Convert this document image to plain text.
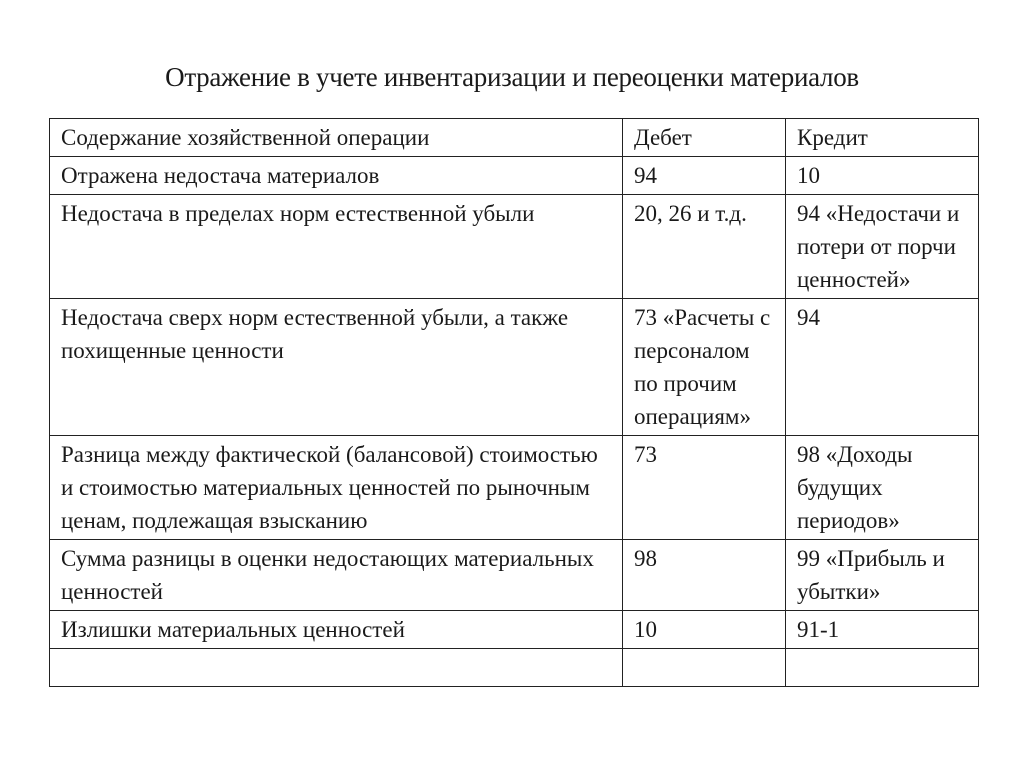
Отражение в учете инвентаризации и переоценки материалов
Содержание хозяйственной операции	Дебет	Кредит
Отражена недостача материалов	94	10
Недостача в пределах норм естественной убыли	20, 26 и т.д.	94 «Недостачи и потери от порчи ценностей»
Недостача сверх норм естественной убыли, а также похищенные ценности	73 «Расчеты с персоналом по прочим операциям»	94
Разница между фактической (балансовой) стоимостью и стоимостью материальных ценностей по рыночным ценам, подлежащая взысканию	73	98 «Доходы будущих периодов»
Сумма разницы в оценки недостающих материальных ценностей	98	99 «Прибыль и убытки»
Излишки материальных ценностей	10	91-1
